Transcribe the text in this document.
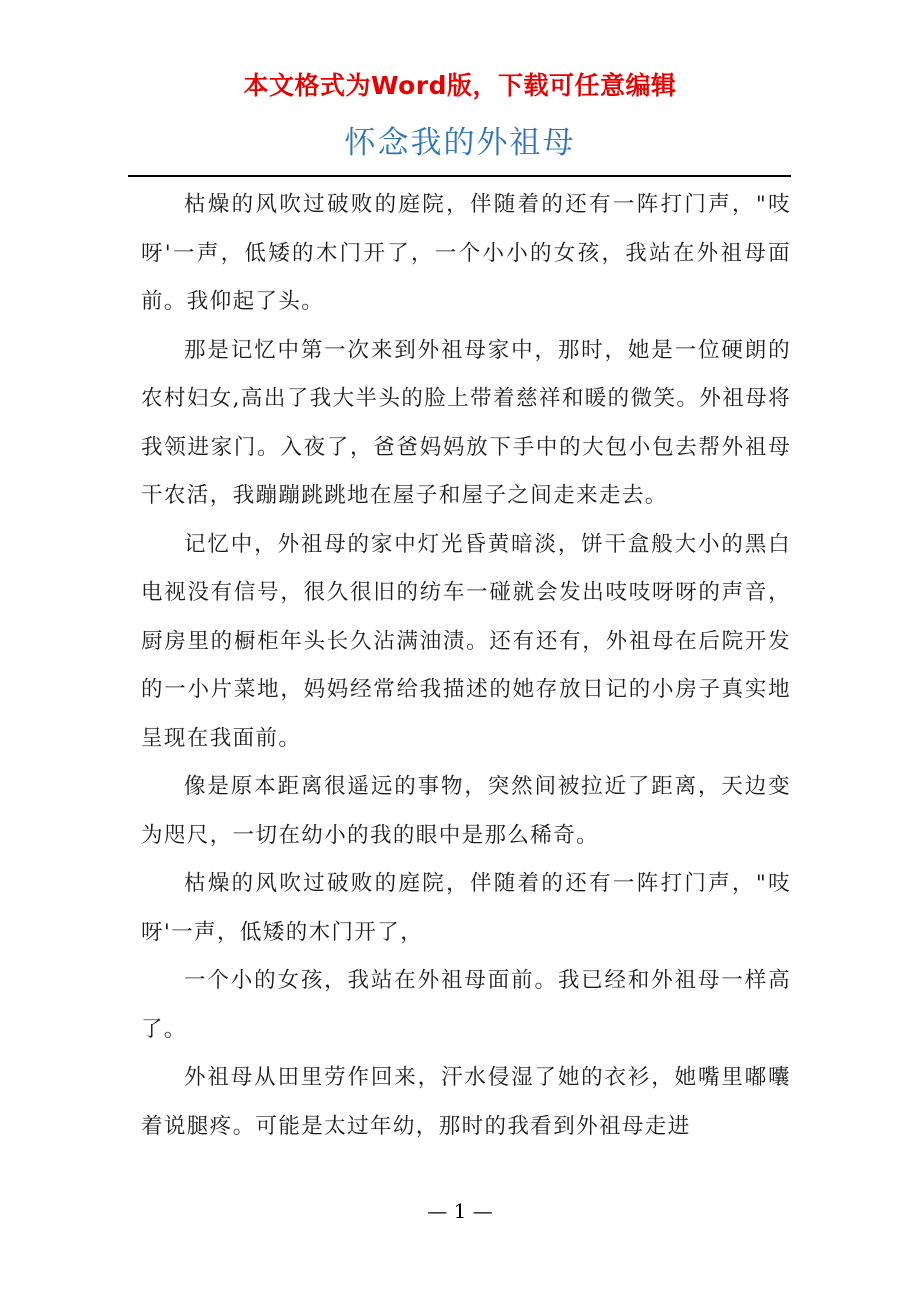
本文格式为Word版，下载可任意编辑
怀念我的外祖母

枯燥的风吹过破败的庭院，伴随着的还有一阵打门声，"吱呀'一声，低矮的木门开了，一个小小的女孩，我站在外祖母面前。我仰起了头。

那是记忆中第一次来到外祖母家中，那时，她是一位硬朗的农村妇女,高出了我大半头的脸上带着慈祥和暖的微笑。外祖母将我领进家门。入夜了，爸爸妈妈放下手中的大包小包去帮外祖母干农活，我蹦蹦跳跳地在屋子和屋子之间走来走去。

记忆中，外祖母的家中灯光昏黄暗淡，饼干盒般大小的黑白电视没有信号，很久很旧的纺车一碰就会发出吱吱呀呀的声音，厨房里的橱柜年头长久沾满油渍。还有还有，外祖母在后院开发的一小片菜地，妈妈经常给我描述的她存放日记的小房子真实地呈现在我面前。

像是原本距离很遥远的事物，突然间被拉近了距离，天边变为咫尺，一切在幼小的我的眼中是那么稀奇。

枯燥的风吹过破败的庭院，伴随着的还有一阵打门声，"吱呀'一声，低矮的木门开了，

一个小的女孩，我站在外祖母面前。我已经和外祖母一样高了。

外祖母从田里劳作回来，汗水侵湿了她的衣衫，她嘴里嘟囔着说腿疼。可能是太过年幼，那时的我看到外祖母走进

— 1 —
